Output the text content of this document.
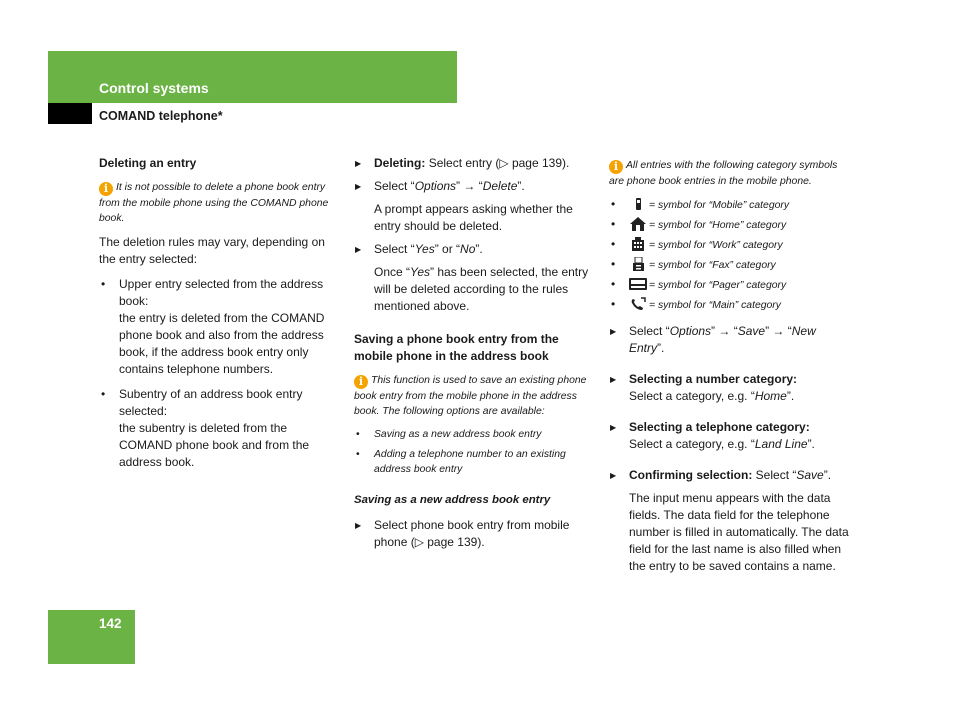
Control systems
COMAND telephone*

Deleting an entry

i It is not possible to delete a phone book entry from the mobile phone using the COMAND phone book.

The deletion rules may vary, depending on the entry selected:

• Upper entry selected from the address book:
the entry is deleted from the COMAND phone book and also from the address book, if the address book entry only contains telephone numbers.
• Subentry of an address book entry selected:
the subentry is deleted from the COMAND phone book and from the address book.
▶ Deleting: Select entry (▷ page 139).
▶ Select “Options” → “Delete”.

A prompt appears asking whether the entry should be deleted.

▶ Select “Yes” or “No”.

Once “Yes” has been selected, the entry will be deleted according to the rules mentioned above.

Saving a phone book entry from the mobile phone in the address book

i This function is used to save an existing phone book entry from the mobile phone in the address book. The following options are available:

• Saving as a new address book entry
• Adding a telephone number to an existing address book entry

Saving as a new address book entry

▶ Select phone book entry from mobile phone (▷ page 139).

i All entries with the following category symbols are phone book entries in the mobile phone.

• = symbol for “Mobile” category
• = symbol for “Home” category
• = symbol for “Work” category
• = symbol for “Fax” category
• = symbol for “Pager” category
• = symbol for “Main” category
▶ Select “Options” → “Save” → “New Entry”.
▶ Selecting a number category:
Select a category, e.g. “Home”.
▶ Selecting a telephone category:
Select a category, e.g. “Land Line”.
▶ Confirming selection: Select “Save”.

The input menu appears with the data fields. The data field for the telephone number is filled in automatically. The data field for the last name is also filled when the entry to be saved contains a name.

142
